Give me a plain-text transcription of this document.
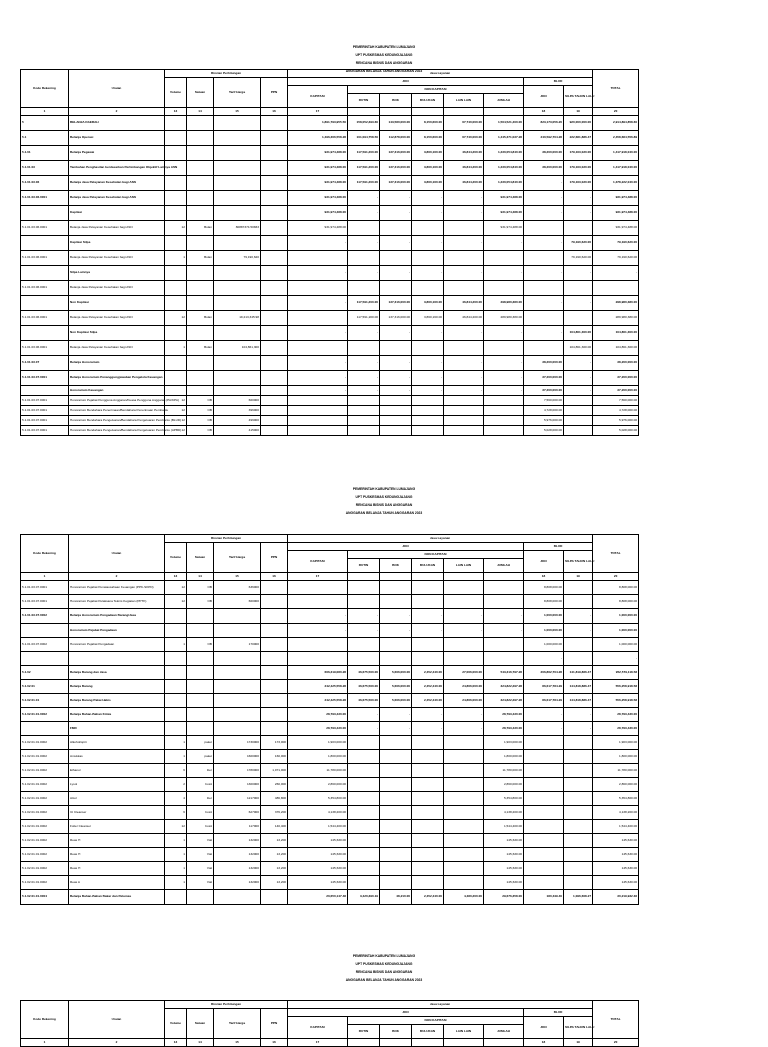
PEMERINTAH KABUPATEN LUMAJANG
UPT PUSKESMAS KEDUNGJAJANG
RENCANA BISNIS DAN ANGGARAN
ANGGARAN BELANJA TAHUN ANGGARAN 2023
Kode Rekening	Uraian	Rincian Perhitungan				Jasa Layanan								TOTAL
		Volume	Satuan	Tarif Harga	PPN	JKN						BLUD		
						KAPITASI	NON KAPITASI					JKN	SILPA TAHUN LALU	
							RUTIN	BOK	BULUKAN	LAIN LAIN	JUMLAH			

1	2	13	14	15	16	17						18	19	20
5	BELANJA DAERAH					1,891,793,955.50	158,052,393.60	143,580,000.00	8,150,600.00	67,740,000.00	1,564,521,400.00	823,173,056.20	920,000,000.00	2,914,894,858.60
5.1	Belanja Operasi					1,496,366,558.28	101,094,758.50	112,878,000.00	8,150,600.00	67,740,000.00	1,445,371,037.28	240,592,704.28	222,681,886.47	2,458,684,556.89
5.1.01	Belanja Pegawai					931,974,488.00	117,591,200.00	137,316,000.00	3,860,160.00	46,844,200.00	1,230,054,840.00	38,200,000.00	179,163,020.00	1,417,918,040.00
5.1.01.03	Tambahan Penghasilan berdasarkan Pertimbangan Objektif Lainnya ASN					931,974,488.00	117,591,200.00	137,316,000.00	3,860,160.00	46,844,200.00	1,230,054,840.00	38,200,000.00	179,163,020.00	1,417,918,040.00
5.1.01.03.06	Belanja Jasa Pelayanan Kesehatan bagi ASN					931,974,488.00	117,591,200.00	137,316,000.00	3,860,160.00	46,844,200.00	1,230,054,840.00	-	179,163,020.00	1,378,222,040.00
5.1.01.03.06.0001	Belanja Jasa Pelayanan Kesehatan bagi ASN					931,974,488.00	-	-	-	-	931,974,488.00	-	-	931,974,488.00
	Kapitasi					931,974,488.00	-	-	-	-	931,974,488.00	-	-	931,974,488.00
5.1.01.03.06.0001	Belanja Jasa Pelayanan Kesehatan bagi ASN	12	Bulan	80887374.50833		931,974,488.00					931,974,488.00			931,974,488.00
	Kapitasi Silpa					-	-	-	-	-	-	-	79,190,620.00	79,190,620.00
5.1.01.03.06.0001	Belanja Jasa Pelayanan Kesehatan bagi ASN	1	Bulan	79,190,620									79,190,620.00	79,190,620.00
	Silpa Lainnya					-	-	-	-	-	-	-	-	-
5.1.01.03.06.0001	Belanja Jasa Pelayanan Kesehatan bagi ASN													
	Non Kapitasi					-	117,591,200.00	137,316,000.00	3,860,160.00	46,844,200.00	298,980,380.00	-	-	298,980,380.00
5.1.01.03.06.0001	Belanja Jasa Pelayanan Kesehatan bagi ASN	12	Bulan	19,213,345.98			117,591,200.00	137,316,000.00	3,860,160.00	46,844,200.00	289,980,380.00			289,980,380.00
	Non Kapitasi Silpa					-	-	-	-	-	-	-	104,861,300.00	104,861,300.00
5.1.01.03.06.0001	Belanja Jasa Pelayanan Kesehatan bagi ASN	1	Bulan	104,861,300									104,861,300.00	104,861,300.00
5.1.01.03.07	Belanja Honorarium					-	-	-	-	-	-	38,200,000.00	-	38,200,000.00
5.1.01.03.07.0001	Belanja Honorarium Penanggungjawaban Pengelola Keuangan					-	-	-	-	-	-	37,200,000.00	-	37,200,000.00
	Honorarium Keuangan					-	-	-	-	-	-	37,200,000.00	-	37,200,000.00
5.1.01.03.07.0001	Honorarium Pejabat Pengguna Anggaran/Kuasa Pengguna Anggaran (PA/KPA)	12	OB	660000								7,560,000.00		7,560,000.00
5.1.01.03.07.0001	Honorarium Bendahara Penerimaan/Bendahara Penerimaan Pembantu	12	OB	396000								4,728,000.00		4,728,000.00
5.1.01.03.07.0001	Honorarium Bendahara Pengeluaran/Bendahara Pengeluaran Pembantu (BLUD)	12	OB	499000								5,976,000.00		5,976,000.00
5.1.01.03.07.0001	Honorarium Bendahara Pengeluaran/Bendahara Pengeluaran Pembantu (APBD)	12	OB	415000								5,028,000.00		5,028,000.00
PEMERINTAH KABUPATEN LUMAJANG
UPT PUSKESMAS KEDUNGJAJANG
RENCANA BISNIS DAN ANGGARAN
ANGGARAN BELANJA TAHUN ANGGARAN 2023
Kode Rekening	Uraian	Rincian Perhitungan				Jasa Layanan								TOTAL
		Volume	Satuan	Tarif Harga	PPN	JKN						BLUD		
						KAPITASI	NON KAPITASI					JKN	SILPA TAHUN LALU	
							RUTIN	BOK	BULUKAN	LAIN LAIN	JUMLAH			

1	2	13	14	15	16	17						18	19	20
5.1.01.03.07.0001	Honorarium Pejabat Penatausahaan Keuangan (PPK-SKPD)	12	OB	636000								8,808,000.00		8,808,000.00
5.1.01.03.07.0001	Honorarium Pejabat Pelaksana Teknis Kegiatan (PPTK)	12	OB	660000								8,808,000.00		8,808,000.00
5.1.01.03.07.0002	Belanja Honorarium Pengadaan Barang/Jasa					-	-	-	-	-	-	1,000,000.00	-	1,000,000.00
	Honorarium Pejabat Pengadaan					-	-	-	-	-	-	1,000,000.00	-	1,000,000.00
5.1.01.03.07.0002	Honorarium Pejabat Pengadaan	1	OB	170000								1,000,000.00		1,000,000.00
												-		-
5.1.02	Belanja Barang dan Jasa					666,319,080.28	46,675,560.00	5,666,000.00	2,452,440.00	27,066,000.00	543,316,797.28	206,862,704.28	141,819,866.47	952,579,118.58
5.1.02.01	Belanja Barang					242,425,558.28	46,675,560.00	5,666,000.00	2,452,440.00	24,866,000.00	324,822,297.28	86,617,784.29	144,818,886.47	556,258,918.58
5.1.02.01.01	Belanja Barang Pakai Habis					242,425,558.28	46,675,560.00	5,666,000.00	2,452,440.00	24,866,000.00	324,822,297.28	86,617,784.29	144,818,886.47	556,258,918.58
5.1.02.01.01.0002	Belanja Bahan-Bahan Kimia					28,793,430.00	-	-	-	-	28,793,430.00	-	-	28,793,430.00
	FMD					28,793,430.00	-	-	-	-	28,793,430.00	-	-	28,793,430.00
5.1.02.01.01.0002	Alkohol/spiri	1	paket	1730000	173,000	1,903,000.00					1,903,000.00			1,903,000.00
5.1.02.01.01.0002	Amukkas	1	paket	1600000	160,000	1,800,000.00					1,800,000.00			1,800,000.00
5.1.02.01.01.0002	Ethanol	6	liter	1780000	1,071,000	11,780,000.00					11,780,000.00			11,780,000.00
5.1.02.01.01.0002	Lysol	2	botol	1300000	260,000	2,860,000.00					2,860,000.00			2,860,000.00
5.1.02.01.01.0002	Alcol	4	liter	1217000	486,800	5,354,800.00					5,354,800.00			5,354,800.00
5.1.02.01.01.0002	IU Cleanser	6	botol	627000	376,200	4,138,200.00					4,138,200.00			4,138,200.00
5.1.02.01.01.0002	Folier Cleanser	12	botol	117000	140,400	1,544,400.00					1,544,400.00			1,544,400.00
5.1.02.01.01.0002	Reas H	1	Vial	132000	13,200	145,630.00					145,630.00			145,630.00
5.1.02.01.01.0002	Reas H	1	Vial	132000	13,200	145,630.00					145,630.00			145,630.00
5.1.02.01.01.0002	Reas H	1	Vial	132000	13,200	145,630.00					145,630.00			145,630.00
5.1.02.01.01.0002	Reas A	1	Vial	132000	13,200	145,630.00					145,630.00			145,630.00
5.1.02.01.01.0004	Belanja Bahan-Bahan Bakar dan Pelumas					20,650,147.48	3,420,390.19	48,210.00	2,452,440.00	4,480,200.00	29,676,358.00	180,349.40	1,096,608.27	30,219,932.36
PEMERINTAH KABUPATEN LUMAJANG
UPT PUSKESMAS KEDUNGJAJANG
RENCANA BISNIS DAN ANGGARAN
ANGGARAN BELANJA TAHUN ANGGARAN 2023
Kode Rekening	Uraian	Rincian Perhitungan				Jasa Layanan								TOTAL
		Volume	Satuan	Tarif Harga	PPN	JKN						BLUD		
						KAPITASI	NON KAPITASI					JKN	SILPA TAHUN LALU	
							RUTIN	BOK	BULUKAN	LAIN LAIN	JUMLAH			

1	2	13	14	15	16	17						18	19	20
